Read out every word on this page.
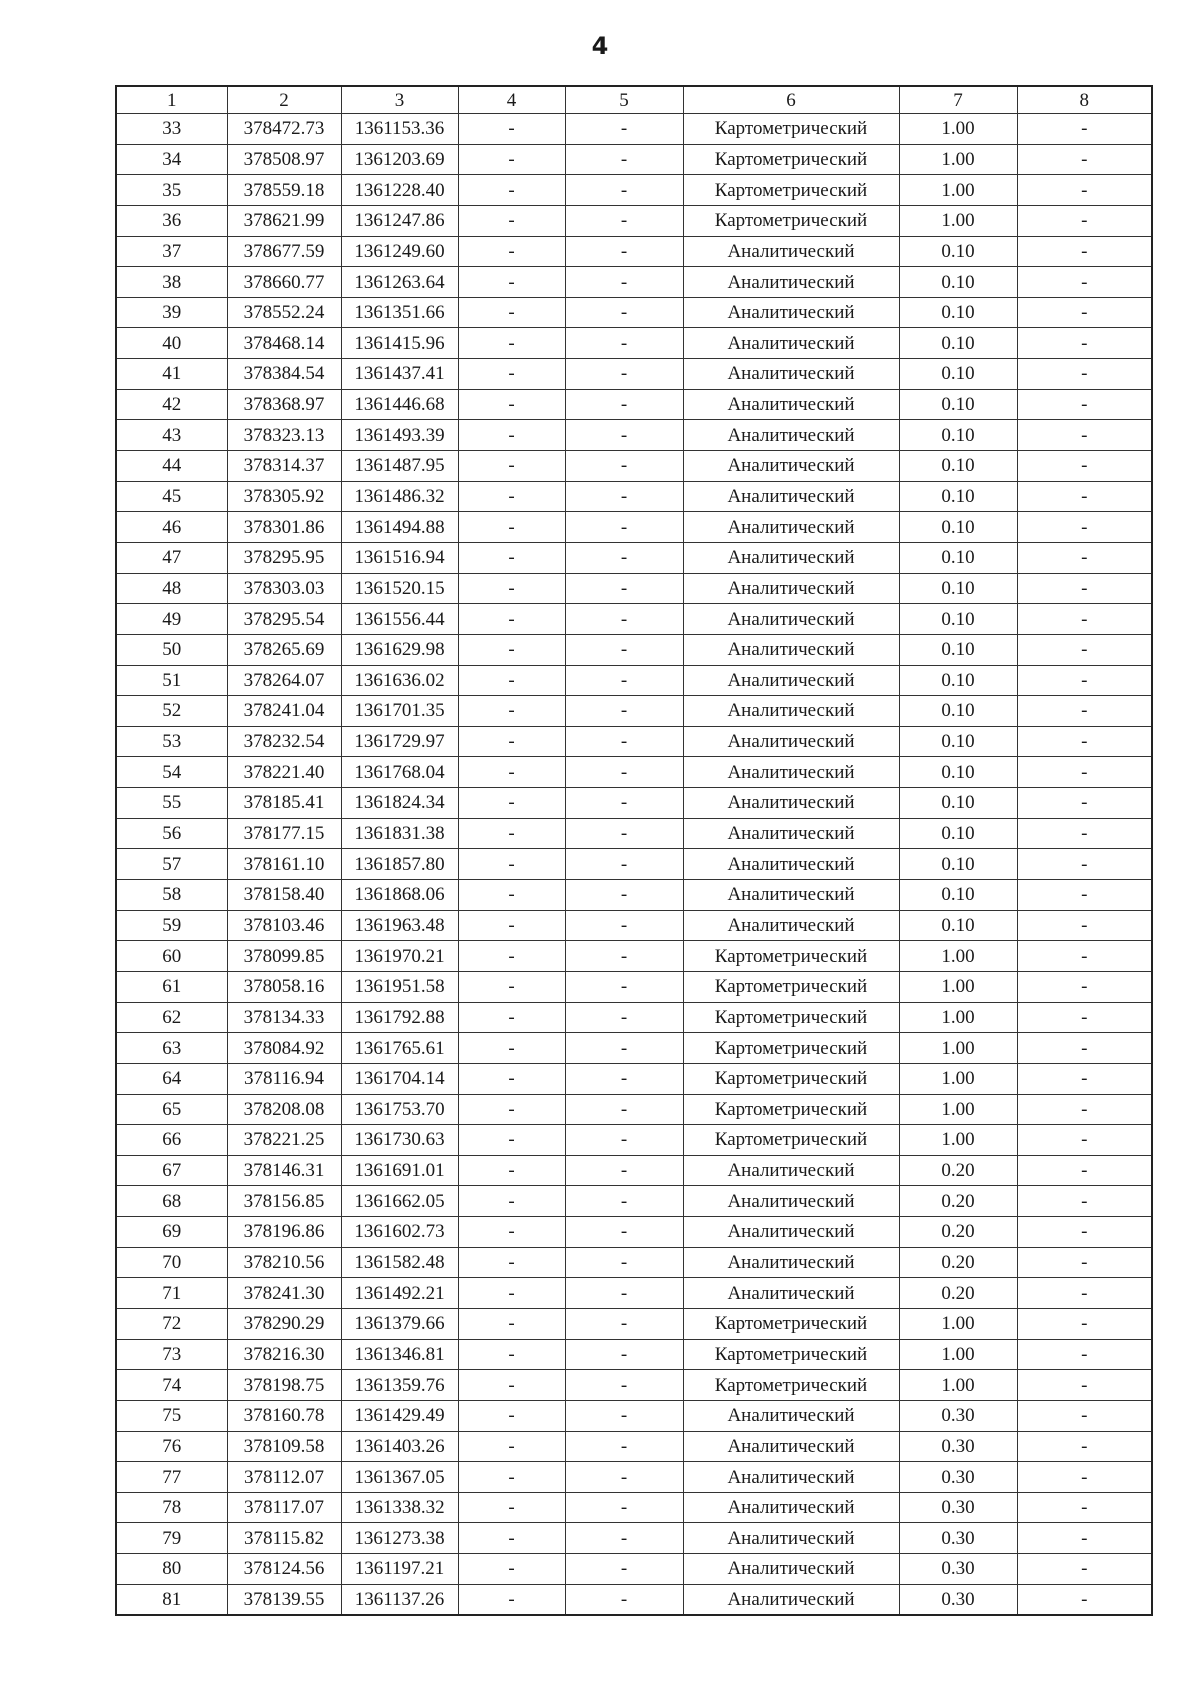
4
1	2	3	4	5	6	7	8
33	378472.73	1361153.36	-	-	Картометрический	1.00	-
34	378508.97	1361203.69	-	-	Картометрический	1.00	-
35	378559.18	1361228.40	-	-	Картометрический	1.00	-
36	378621.99	1361247.86	-	-	Картометрический	1.00	-
37	378677.59	1361249.60	-	-	Аналитический	0.10	-
38	378660.77	1361263.64	-	-	Аналитический	0.10	-
39	378552.24	1361351.66	-	-	Аналитический	0.10	-
40	378468.14	1361415.96	-	-	Аналитический	0.10	-
41	378384.54	1361437.41	-	-	Аналитический	0.10	-
42	378368.97	1361446.68	-	-	Аналитический	0.10	-
43	378323.13	1361493.39	-	-	Аналитический	0.10	-
44	378314.37	1361487.95	-	-	Аналитический	0.10	-
45	378305.92	1361486.32	-	-	Аналитический	0.10	-
46	378301.86	1361494.88	-	-	Аналитический	0.10	-
47	378295.95	1361516.94	-	-	Аналитический	0.10	-
48	378303.03	1361520.15	-	-	Аналитический	0.10	-
49	378295.54	1361556.44	-	-	Аналитический	0.10	-
50	378265.69	1361629.98	-	-	Аналитический	0.10	-
51	378264.07	1361636.02	-	-	Аналитический	0.10	-
52	378241.04	1361701.35	-	-	Аналитический	0.10	-
53	378232.54	1361729.97	-	-	Аналитический	0.10	-
54	378221.40	1361768.04	-	-	Аналитический	0.10	-
55	378185.41	1361824.34	-	-	Аналитический	0.10	-
56	378177.15	1361831.38	-	-	Аналитический	0.10	-
57	378161.10	1361857.80	-	-	Аналитический	0.10	-
58	378158.40	1361868.06	-	-	Аналитический	0.10	-
59	378103.46	1361963.48	-	-	Аналитический	0.10	-
60	378099.85	1361970.21	-	-	Картометрический	1.00	-
61	378058.16	1361951.58	-	-	Картометрический	1.00	-
62	378134.33	1361792.88	-	-	Картометрический	1.00	-
63	378084.92	1361765.61	-	-	Картометрический	1.00	-
64	378116.94	1361704.14	-	-	Картометрический	1.00	-
65	378208.08	1361753.70	-	-	Картометрический	1.00	-
66	378221.25	1361730.63	-	-	Картометрический	1.00	-
67	378146.31	1361691.01	-	-	Аналитический	0.20	-
68	378156.85	1361662.05	-	-	Аналитический	0.20	-
69	378196.86	1361602.73	-	-	Аналитический	0.20	-
70	378210.56	1361582.48	-	-	Аналитический	0.20	-
71	378241.30	1361492.21	-	-	Аналитический	0.20	-
72	378290.29	1361379.66	-	-	Картометрический	1.00	-
73	378216.30	1361346.81	-	-	Картометрический	1.00	-
74	378198.75	1361359.76	-	-	Картометрический	1.00	-
75	378160.78	1361429.49	-	-	Аналитический	0.30	-
76	378109.58	1361403.26	-	-	Аналитический	0.30	-
77	378112.07	1361367.05	-	-	Аналитический	0.30	-
78	378117.07	1361338.32	-	-	Аналитический	0.30	-
79	378115.82	1361273.38	-	-	Аналитический	0.30	-
80	378124.56	1361197.21	-	-	Аналитический	0.30	-
81	378139.55	1361137.26	-	-	Аналитический	0.30	-
